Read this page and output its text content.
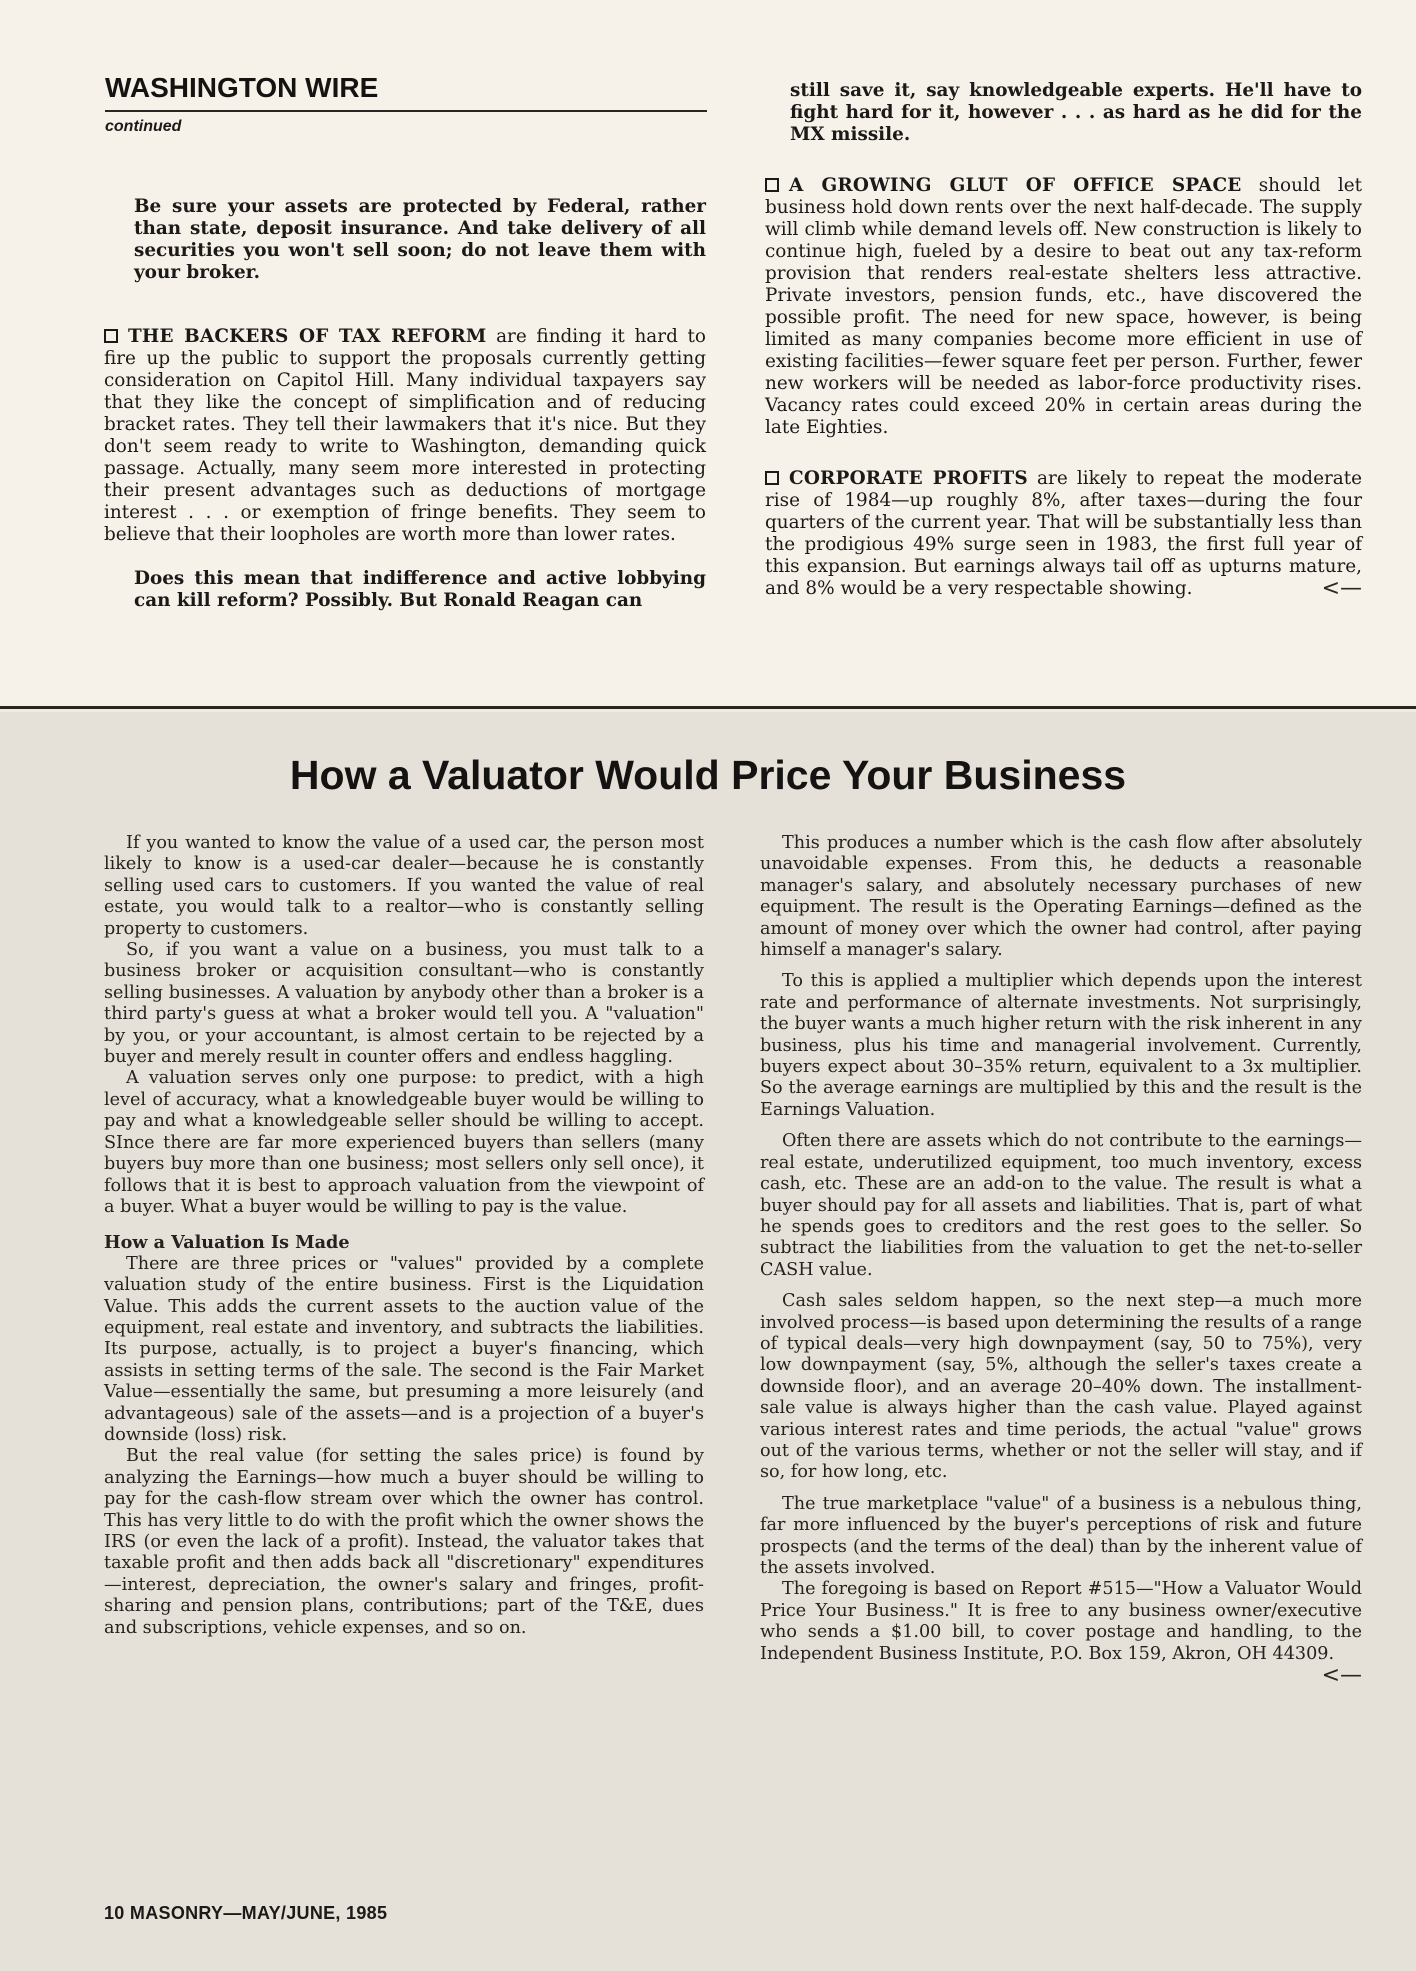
WASHINGTON WIRE
continued

Be sure your assets are protected by Federal, rather than state, deposit insurance. And take delivery of all securities you won't sell soon; do not leave them with your broker.

THE BACKERS OF TAX REFORM are finding it hard to fire up the public to support the proposals currently getting consideration on Capitol Hill. Many individual taxpayers say that they like the concept of simplification and of reducing bracket rates. They tell their lawmakers that it's nice. But they don't seem ready to write to Washington, demanding quick passage. Actually, many seem more interested in protecting their present advantages such as deductions of mortgage interest . . . or exemption of fringe benefits. They seem to believe that their loopholes are worth more than lower rates.

Does this mean that indifference and active lobbying can kill reform? Possibly. But Ronald Reagan can

still save it, say knowledgeable experts. He'll have to fight hard for it, however . . . as hard as he did for the MX missile.

A GROWING GLUT OF OFFICE SPACE should let business hold down rents over the next half-decade. The supply will climb while demand levels off. New construction is likely to continue high, fueled by a desire to beat out any tax-reform provision that renders real-estate shelters less attractive. Private investors, pension funds, etc., have discovered the possible profit. The need for new space, however, is being limited as many companies become more efficient in use of existing facilities—fewer square feet per person. Further, fewer new workers will be needed as labor-force productivity rises. Vacancy rates could exceed 20% in certain areas during the late Eighties.

CORPORATE PROFITS are likely to repeat the moderate rise of 1984—up roughly 8%, after taxes—during the four quarters of the current year. That will be substantially less than the prodigious 49% surge seen in 1983, the first full year of this expansion. But earnings always tail off as upturns mature, and 8% would be a very respectable showing.	<—

How a Valuator Would Price Your Business

If you wanted to know the value of a used car, the person most likely to know is a used-car dealer—because he is constantly selling used cars to customers. If you wanted the value of real estate, you would talk to a realtor—who is constantly selling property to customers.

So, if you want a value on a business, you must talk to a business broker or acquisition consultant—who is constantly selling businesses. A valuation by anybody other than a broker is a third party's guess at what a broker would tell you. A "valuation" by you, or your accountant, is almost certain to be rejected by a buyer and merely result in counter offers and endless haggling.

A valuation serves only one purpose: to predict, with a high level of accuracy, what a knowledgeable buyer would be willing to pay and what a knowledgeable seller should be willing to accept. SInce there are far more experienced buyers than sellers (many buyers buy more than one business; most sellers only sell once), it follows that it is best to approach valuation from the viewpoint of a buyer. What a buyer would be willing to pay is the value.

How a Valuation Is Made

There are three prices or "values" provided by a complete valuation study of the entire business. First is the Liquidation Value. This adds the current assets to the auction value of the equipment, real estate and inventory, and subtracts the liabilities. Its purpose, actually, is to project a buyer's financing, which assists in setting terms of the sale. The second is the Fair Market Value—essentially the same, but presuming a more leisurely (and advantageous) sale of the assets—and is a projection of a buyer's downside (loss) risk.

But the real value (for setting the sales price) is found by analyzing the Earnings—how much a buyer should be willing to pay for the cash-flow stream over which the owner has control. This has very little to do with the profit which the owner shows the IRS (or even the lack of a profit). Instead, the valuator takes that taxable profit and then adds back all "discretionary" expenditures—interest, depreciation, the owner's salary and fringes, profit-sharing and pension plans, contributions; part of the T&E, dues and subscriptions, vehicle expenses, and so on.

This produces a number which is the cash flow after absolutely unavoidable expenses. From this, he deducts a reasonable manager's salary, and absolutely necessary purchases of new equipment. The result is the Operating Earnings—defined as the amount of money over which the owner had control, after paying himself a manager's salary.

To this is applied a multiplier which depends upon the interest rate and performance of alternate investments. Not surprisingly, the buyer wants a much higher return with the risk inherent in any business, plus his time and managerial involvement. Currently, buyers expect about 30–35% return, equivalent to a 3x multiplier. So the average earnings are multiplied by this and the result is the Earnings Valuation.

Often there are assets which do not contribute to the earnings—real estate, underutilized equipment, too much inventory, excess cash, etc. These are an add-on to the value. The result is what a buyer should pay for all assets and liabilities. That is, part of what he spends goes to creditors and the rest goes to the seller. So subtract the liabilities from the valuation to get the net-to-seller CASH value.

Cash sales seldom happen, so the next step—a much more involved process—is based upon determining the results of a range of typical deals—very high downpayment (say, 50 to 75%), very low downpayment (say, 5%, although the seller's taxes create a downside floor), and an average 20–40% down. The installment-sale value is always higher than the cash value. Played against various interest rates and time periods, the actual "value" grows out of the various terms, whether or not the seller will stay, and if so, for how long, etc.

The true marketplace "value" of a business is a nebulous thing, far more influenced by the buyer's perceptions of risk and future prospects (and the terms of the deal) than by the inherent value of the assets involved.

The foregoing is based on Report #515—"How a Valuator Would Price Your Business." It is free to any business owner/executive who sends a $1.00 bill, to cover postage and handling, to the Independent Business Institute, P.O. Box 159, Akron, OH 44309.
<—

10 MASONRY—MAY/JUNE, 1985
